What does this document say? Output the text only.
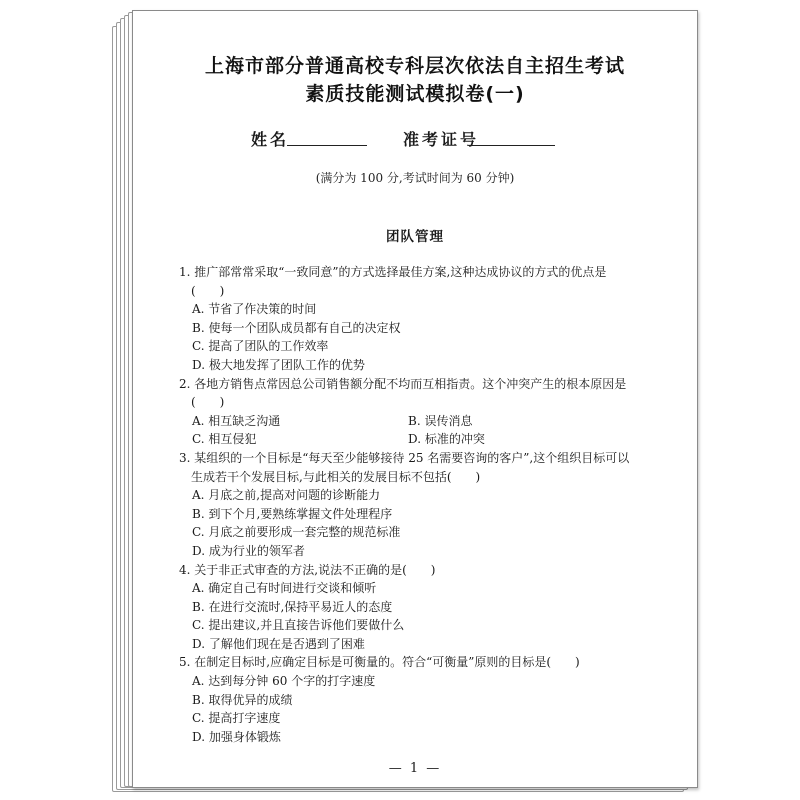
上海市部分普通高校专科层次依法自主招生考试
素质技能测试模拟卷(一)
姓名	准考证号
(满分为 100 分,考试时间为 60 分钟)
团队管理
1. 推广部常常采取“一致同意”的方式选择最佳方案,这种达成协议的方式的优点是
(　　)
A. 节省了作决策的时间
B. 使每一个团队成员都有自己的决定权
C. 提高了团队的工作效率
D. 极大地发挥了团队工作的优势
2. 各地方销售点常因总公司销售额分配不均而互相指责。这个冲突产生的根本原因是
(　　)
A. 相互缺乏沟通	B. 误传消息
C. 相互侵犯	D. 标准的冲突
3. 某组织的一个目标是“每天至少能够接待 25 名需要咨询的客户”,这个组织目标可以
生成若干个发展目标,与此相关的发展目标不包括(　　)
A. 月底之前,提高对问题的诊断能力
B. 到下个月,要熟练掌握文件处理程序
C. 月底之前要形成一套完整的规范标准
D. 成为行业的领军者
4. 关于非正式审查的方法,说法不正确的是(　　)
A. 确定自己有时间进行交谈和倾听
B. 在进行交流时,保持平易近人的态度
C. 提出建议,并且直接告诉他们要做什么
D. 了解他们现在是否遇到了困难
5. 在制定目标时,应确定目标是可衡量的。符合“可衡量”原则的目标是(　　)
A. 达到每分钟 60 个字的打字速度
B. 取得优异的成绩
C. 提高打字速度
D. 加强身体锻炼
— 1 —
